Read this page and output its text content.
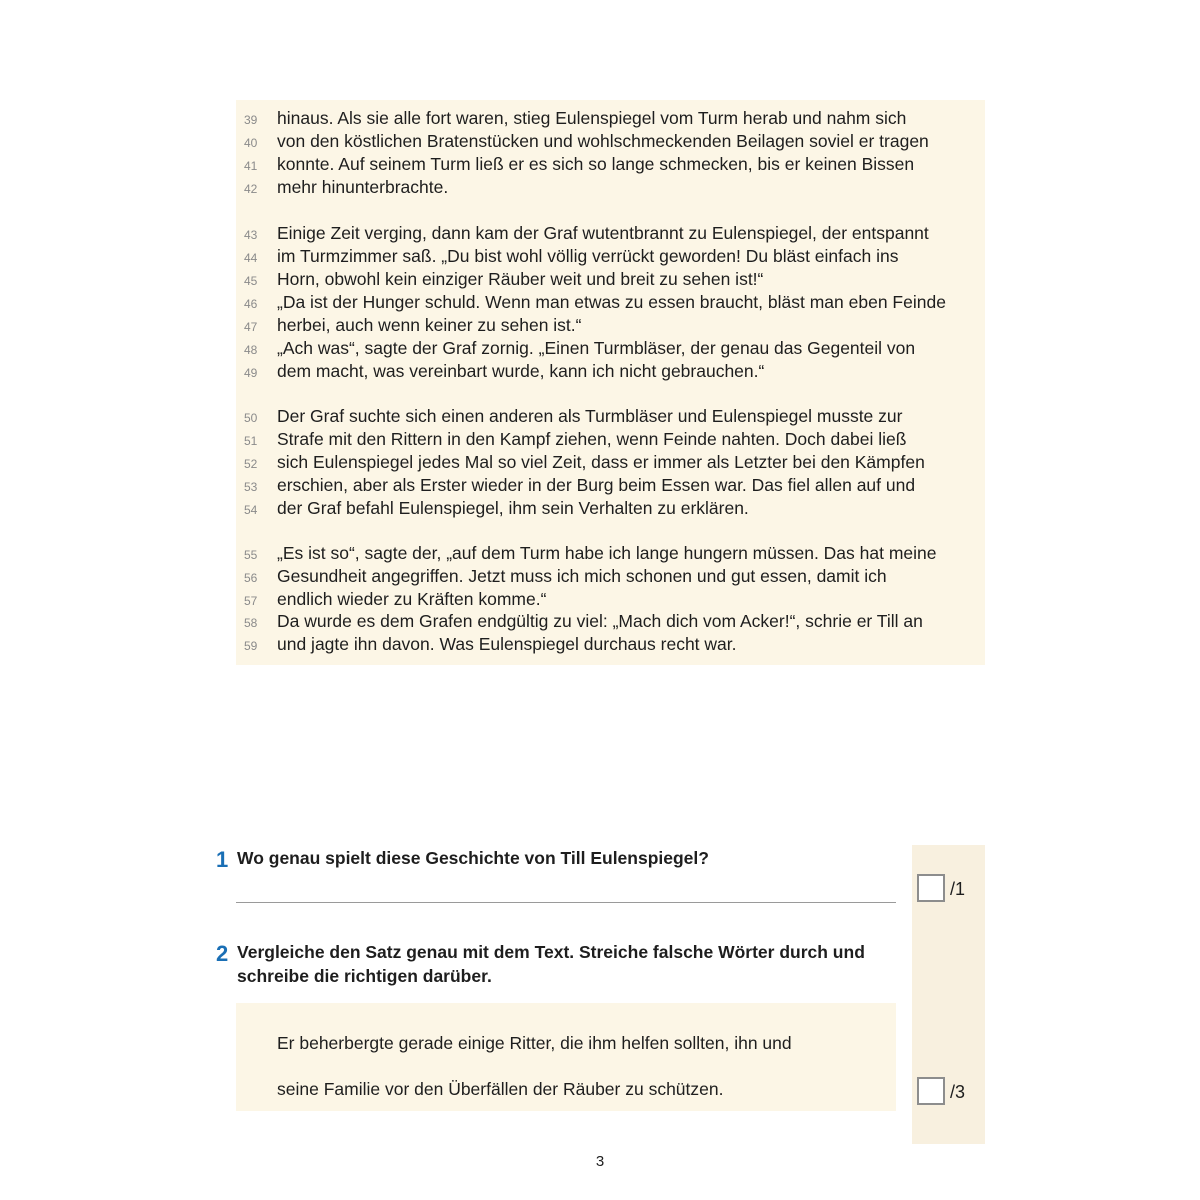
39	hinaus. Als sie alle fort waren, stieg Eulenspiegel vom Turm herab und nahm sich
40	von den köstlichen Bratenstücken und wohlschmeckenden Beilagen soviel er tragen
41	konnte. Auf seinem Turm ließ er es sich so lange schmecken, bis er keinen Bissen
42	mehr hinunterbrachte.
43	Einige Zeit verging, dann kam der Graf wutentbrannt zu Eulenspiegel, der entspannt
44	im Turmzimmer saß. „Du bist wohl völlig verrückt geworden! Du bläst einfach ins
45	Horn, obwohl kein einziger Räuber weit und breit zu sehen ist!“
46	„Da ist der Hunger schuld. Wenn man etwas zu essen braucht, bläst man eben Feinde
47	herbei, auch wenn keiner zu sehen ist.“
48	„Ach was“, sagte der Graf zornig. „Einen Turmbläser, der genau das Gegenteil von
49	dem macht, was vereinbart wurde, kann ich nicht gebrauchen.“
50	Der Graf suchte sich einen anderen als Turmbläser und Eulenspiegel musste zur
51	Strafe mit den Rittern in den Kampf ziehen, wenn Feinde nahten. Doch dabei ließ
52	sich Eulenspiegel jedes Mal so viel Zeit, dass er immer als Letzter bei den Kämpfen
53	erschien, aber als Erster wieder in der Burg beim Essen war. Das fiel allen auf und
54	der Graf befahl Eulenspiegel, ihm sein Verhalten zu erklären.
55	„Es ist so“, sagte der, „auf dem Turm habe ich lange hungern müssen. Das hat meine
56	Gesundheit angegriffen. Jetzt muss ich mich schonen und gut essen, damit ich
57	endlich wieder zu Kräften komme.“
58	Da wurde es dem Grafen endgültig zu viel: „Mach dich vom Acker!“, schrie er Till an
59	und jagte ihn davon. Was Eulenspiegel durchaus recht war.
1 Wo genau spielt diese Geschichte von Till Eulenspiegel?
/1
2 Vergleiche den Satz genau mit dem Text. Streiche falsche Wörter durch und
schreibe die richtigen darüber.
Er beherbergte gerade einige Ritter, die ihm helfen sollten, ihn und
seine Familie vor den Überfällen der Räuber zu schützen.	/3
3
